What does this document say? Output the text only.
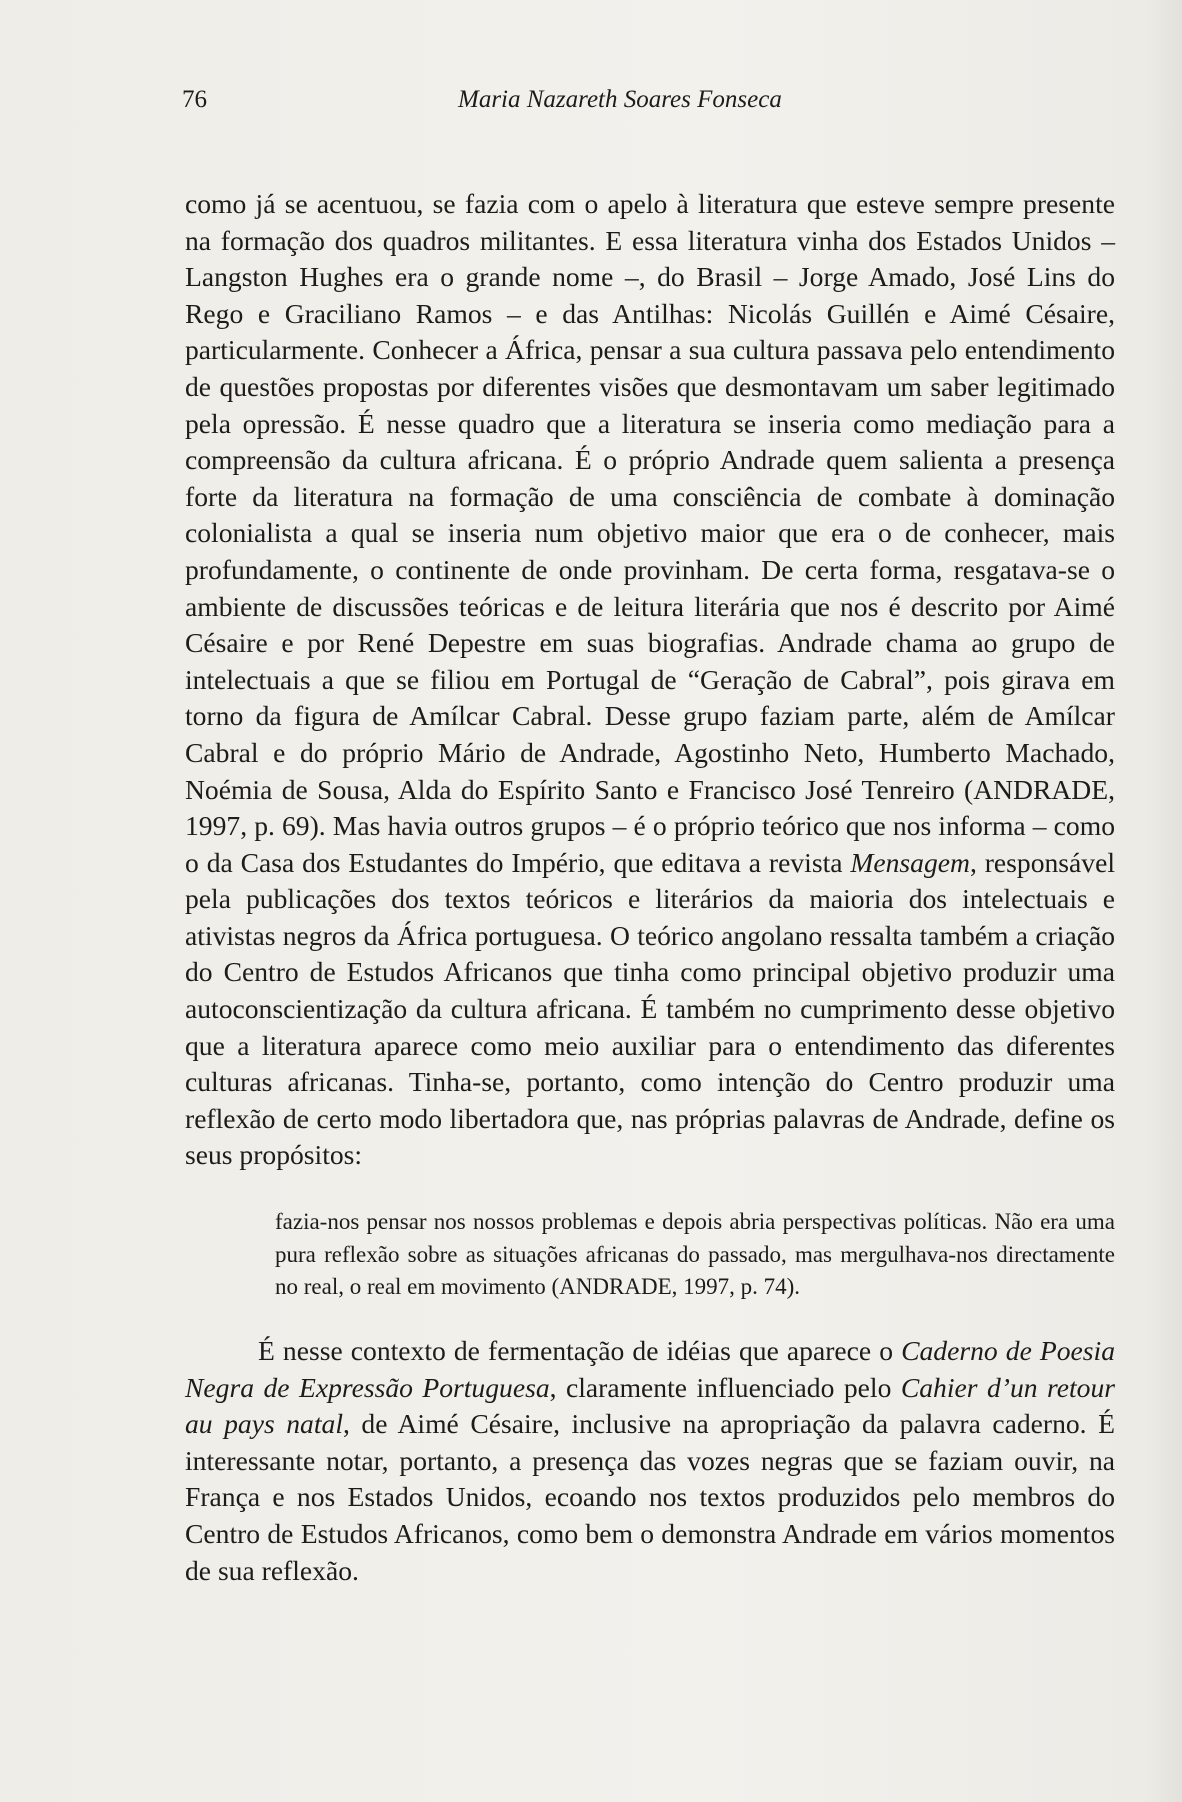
76	Maria Nazareth Soares Fonseca

como já se acentuou, se fazia com o apelo à literatura que esteve sempre presente na formação dos quadros militantes. E essa literatura vinha dos Estados Unidos – Langston Hughes era o grande nome –, do Brasil – Jorge Amado, José Lins do Rego e Graciliano Ramos – e das Antilhas: Nicolás Guillén e Aimé Césaire, particularmente. Conhecer a África, pensar a sua cultura passava pelo entendimento de questões propostas por diferentes visões que desmontavam um saber legitimado pela opressão. É nesse quadro que a literatura se inseria como mediação para a compreensão da cultura africana. É o próprio Andrade quem salienta a presença forte da literatura na formação de uma consciência de combate à dominação colonialista a qual se inseria num objetivo maior que era o de conhecer, mais profundamente, o continente de onde provinham. De certa forma, resgatava-se o ambiente de discussões teóricas e de leitura literária que nos é descrito por Aimé Césaire e por René Depestre em suas biografias. Andrade chama ao grupo de intelectuais a que se filiou em Portugal de “Geração de Cabral”, pois girava em torno da figura de Amílcar Cabral. Desse grupo faziam parte, além de Amílcar Cabral e do próprio Mário de Andrade, Agostinho Neto, Humberto Machado, Noémia de Sousa, Alda do Espírito Santo e Francisco José Tenreiro (ANDRADE, 1997, p. 69). Mas havia outros grupos – é o próprio teórico que nos informa – como o da Casa dos Estudantes do Império, que editava a revista Mensagem, responsável pela publicações dos textos teóricos e literários da maioria dos intelectuais e ativistas negros da África portuguesa. O teórico angolano ressalta também a criação do Centro de Estudos Africanos que tinha como principal objetivo produzir uma autoconscientização da cultura africana. É também no cumprimento desse objetivo que a literatura aparece como meio auxiliar para o entendimento das diferentes culturas africanas. Tinha-se, portanto, como intenção do Centro produzir uma reflexão de certo modo libertadora que, nas próprias palavras de Andrade, define os seus propósitos:

fazia-nos pensar nos nossos problemas e depois abria perspectivas políticas. Não era uma pura reflexão sobre as situações africanas do passado, mas mergulhava-nos directamente no real, o real em movimento (ANDRADE, 1997, p. 74).

É nesse contexto de fermentação de idéias que aparece o Caderno de Poesia Negra de Expressão Portuguesa, claramente influenciado pelo Cahier d’un retour au pays natal, de Aimé Césaire, inclusive na apropriação da palavra caderno. É interessante notar, portanto, a presença das vozes negras que se faziam ouvir, na França e nos Estados Unidos, ecoando nos textos produzidos pelo membros do Centro de Estudos Africanos, como bem o demonstra Andrade em vários momentos de sua reflexão.
